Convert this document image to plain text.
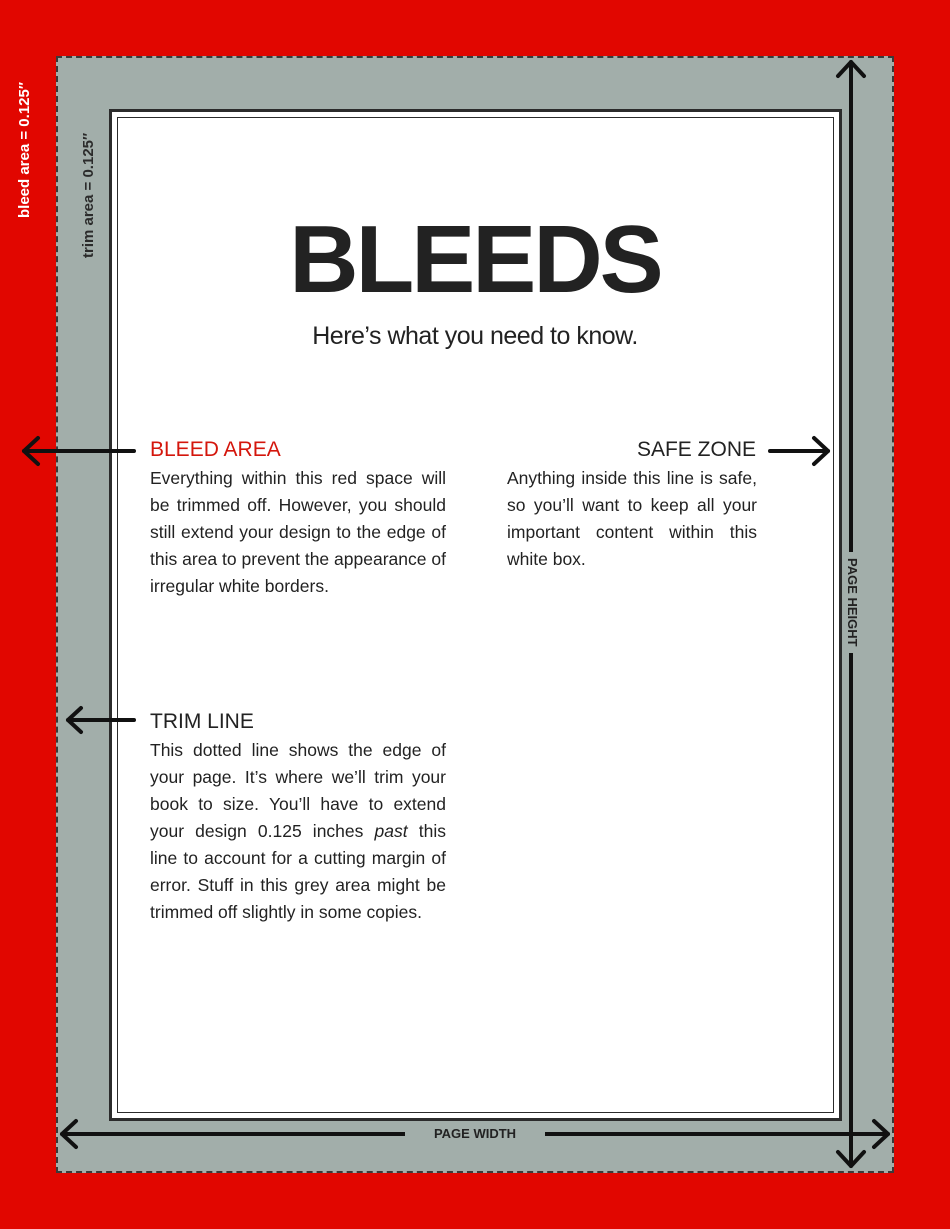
bleed area = 0.125″	trim area = 0.125″
BLEEDS
Here’s what you need to know.
BLEED AREA

Everything within this red space will be trimmed off. However, you should still extend your design to the edge of this area to prevent the appearance of irregular white borders.

SAFE ZONE

Anything inside this line is safe, so you’ll want to keep all your important content within this white box.

TRIM LINE

This dotted line shows the edge of your page. It’s where we’ll trim your book to size. You’ll have to extend your design 0.125 inches past this line to account for a cutting margin of error. Stuff in this grey area might be trimmed off slightly in some copies.

PAGE WIDTH
PAGE HEIGHT
